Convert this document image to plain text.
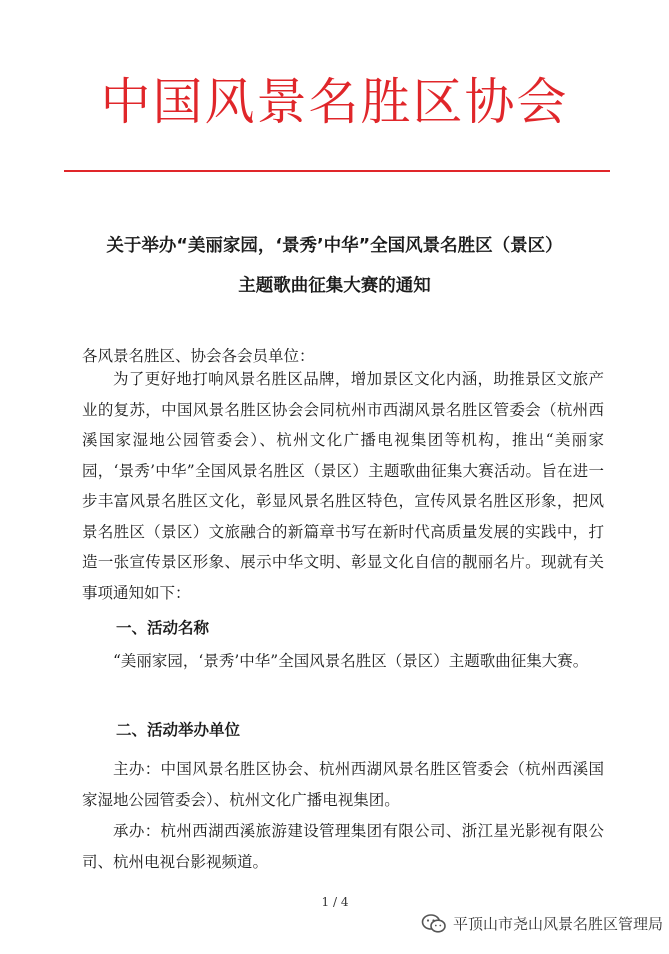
中国风景名胜区协会
关于举办“美丽家园，‘景秀’中华”全国风景名胜区（景区）
主题歌曲征集大赛的通知
各风景名胜区、协会各会员单位：
为了更好地打响风景名胜区品牌，增加景区文化内涵，助推景区文旅产业的复苏，中国风景名胜区协会会同杭州市西湖风景名胜区管委会（杭州西溪国家湿地公园管委会）、杭州文化广播电视集团等机构，推出“美丽家园，‘景秀’中华”全国风景名胜区（景区）主题歌曲征集大赛活动。旨在进一步丰富风景名胜区文化，彰显风景名胜区特色，宣传风景名胜区形象，把风景名胜区（景区）文旅融合的新篇章书写在新时代高质量发展的实践中，打造一张宣传景区形象、展示中华文明、彰显文化自信的靓丽名片。现就有关事项通知如下：
一、活动名称
“美丽家园，‘景秀’中华”全国风景名胜区（景区）主题歌曲征集大赛。
二、活动举办单位
主办：中国风景名胜区协会、杭州西湖风景名胜区管委会（杭州西溪国家湿地公园管委会）、杭州文化广播电视集团。
承办：杭州西湖西溪旅游建设管理集团有限公司、浙江星光影视有限公司、杭州电视台影视频道。
1 / 4
平顶山市尧山风景名胜区管理局
